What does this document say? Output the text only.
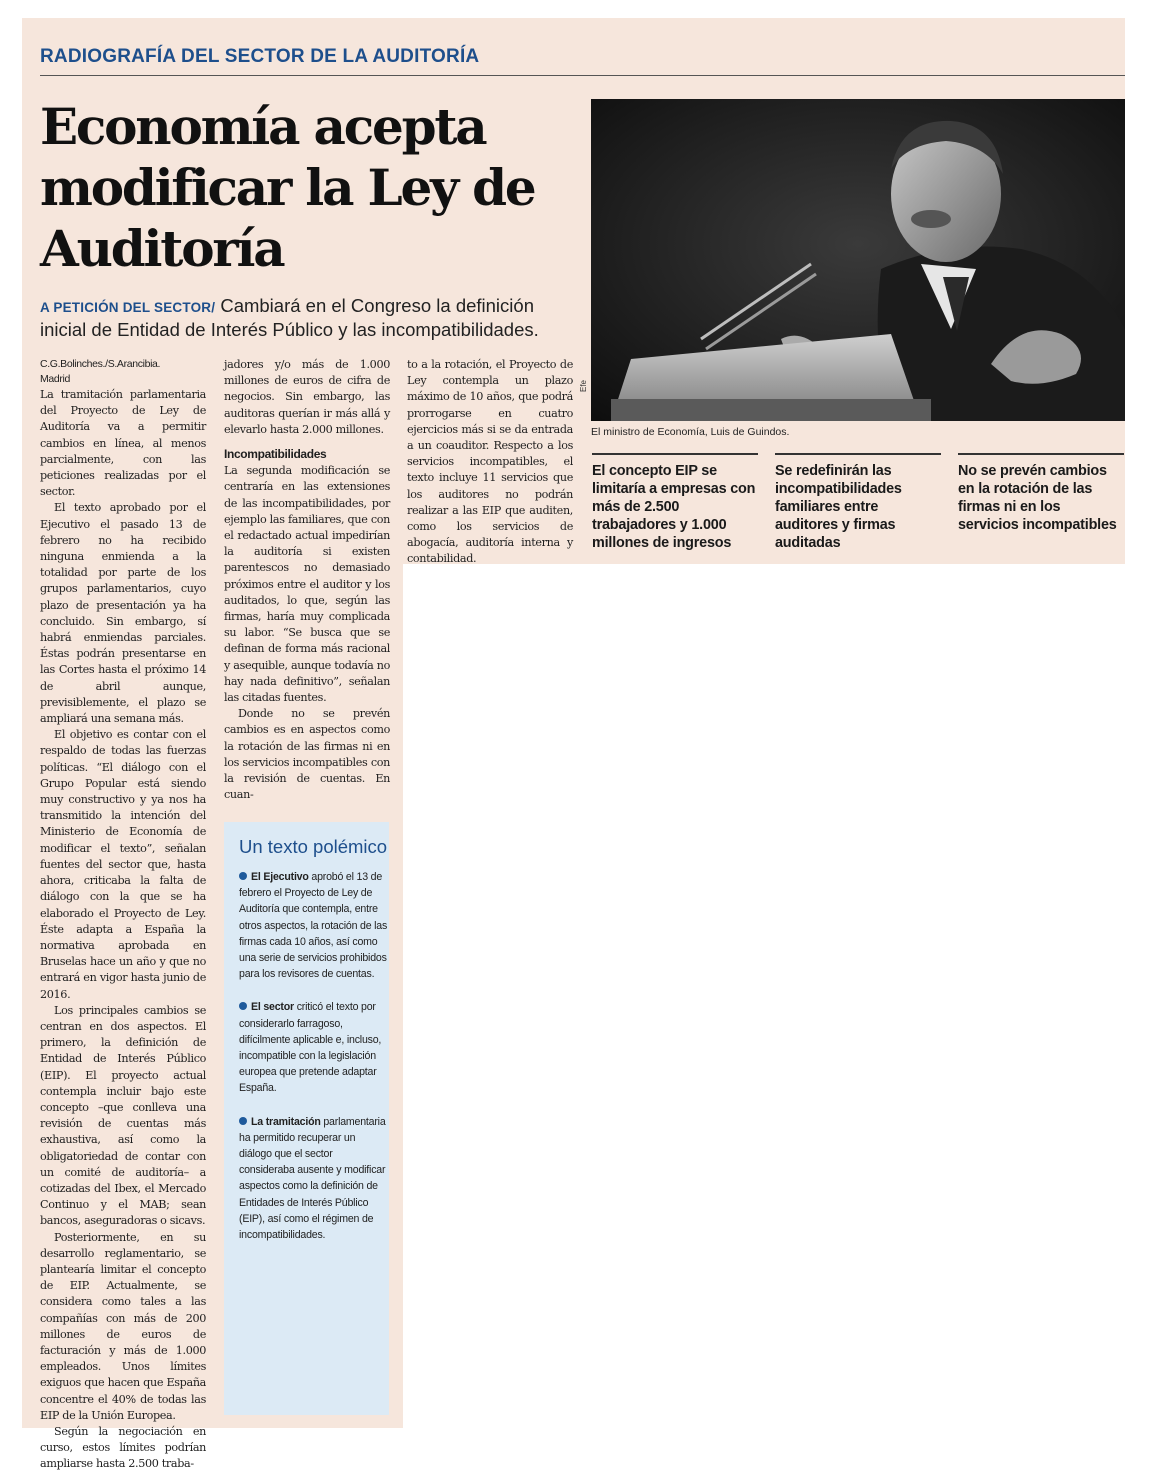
RADIOGRAFÍA DEL SECTOR DE LA AUDITORÍA
Economía acepta modificar la Ley de Auditoría
A PETICIÓN DEL SECTOR/ Cambiará en el Congreso la definición inicial de Entidad de Interés Público y las incompatibilidades.
El ministro de Economía, Luis de Guindos.
Efe
C.G.Bolinches./S.Arancibia.
Madrid

La tramitación parlamentaria del Proyecto de Ley de Auditoría va a permitir cambios en línea, al menos parcialmente, con las peticiones realizadas por el sector.

El texto aprobado por el Ejecutivo el pasado 13 de febrero no ha recibido ninguna enmienda a la totalidad por parte de los grupos parlamentarios, cuyo plazo de presentación ya ha concluido. Sin embargo, sí habrá enmiendas parciales. Éstas podrán presentarse en las Cortes hasta el próximo 14 de abril aunque, previsiblemente, el plazo se ampliará una semana más.

El objetivo es contar con el respaldo de todas las fuerzas políticas. “El diálogo con el Grupo Popular está siendo muy constructivo y ya nos ha transmitido la intención del Ministerio de Economía de modificar el texto”, señalan fuentes del sector que, hasta ahora, criticaba la falta de diálogo con la que se ha elaborado el Proyecto de Ley. Éste adapta a España la normativa aprobada en Bruselas hace un año y que no entrará en vigor hasta junio de 2016.

Los principales cambios se centran en dos aspectos. El primero, la definición de Entidad de Interés Público (EIP). El proyecto actual contempla incluir bajo este concepto –que conlleva una revisión de cuentas más exhaustiva, así como la obligatoriedad de contar con un comité de auditoría– a cotizadas del Ibex, el Mercado Continuo y el MAB; sean bancos, aseguradoras o sicavs.

Posteriormente, en su desarrollo reglamentario, se plantearía limitar el concepto de EIP. Actualmente, se considera como tales a las compañías con más de 200 millones de euros de facturación y más de 1.000 empleados. Unos límites exiguos que hacen que España concentre el 40% de todas las EIP de la Unión Europea.

Según la negociación en curso, estos límites podrían ampliarse hasta 2.500 traba-

jadores y/o más de 1.000 millones de euros de cifra de negocios. Sin embargo, las auditoras querían ir más allá y elevarlo hasta 2.000 millones.

Incompatibilidades

La segunda modificación se centraría en las extensiones de las incompatibilidades, por ejemplo las familiares, que con el redactado actual impedirían la auditoría si existen parentescos no demasiado próximos entre el auditor y los auditados, lo que, según las firmas, haría muy complicada su labor. “Se busca que se definan de forma más racional y asequible, aunque todavía no hay nada definitivo”, señalan las citadas fuentes.

Donde no se prevén cambios es en aspectos como la rotación de las firmas ni en los servicios incompatibles con la revisión de cuentas. En cuan-

to a la rotación, el Proyecto de Ley contempla un plazo máximo de 10 años, que podrá prorrogarse en cuatro ejercicios más si se da entrada a un coauditor. Respecto a los servicios incompatibles, el texto incluye 11 servicios que los auditores no podrán realizar a las EIP que auditen, como los servicios de abogacía, auditoría interna y contabilidad.

Un texto polémico
El Ejecutivo aprobó el 13 de febrero el Proyecto de Ley de Auditoría que contempla, entre otros aspectos, la rotación de las firmas cada 10 años, así como una serie de servicios prohibidos para los revisores de cuentas.
El sector criticó el texto por considerarlo farragoso, difícilmente aplicable e, incluso, incompatible con la legislación europea que pretende adaptar España.
La tramitación parlamentaria ha permitido recuperar un diálogo que el sector consideraba ausente y modificar aspectos como la definición de Entidades de Interés Público (EIP), así como el régimen de incompatibilidades.
El concepto EIP se limitaría a empresas con más de 2.500 trabajadores y 1.000 millones de ingresos
Se redefinirán las incompatibilidades familiares entre auditores y firmas auditadas
No se prevén cambios en la rotación de las firmas ni en los servicios incompatibles
